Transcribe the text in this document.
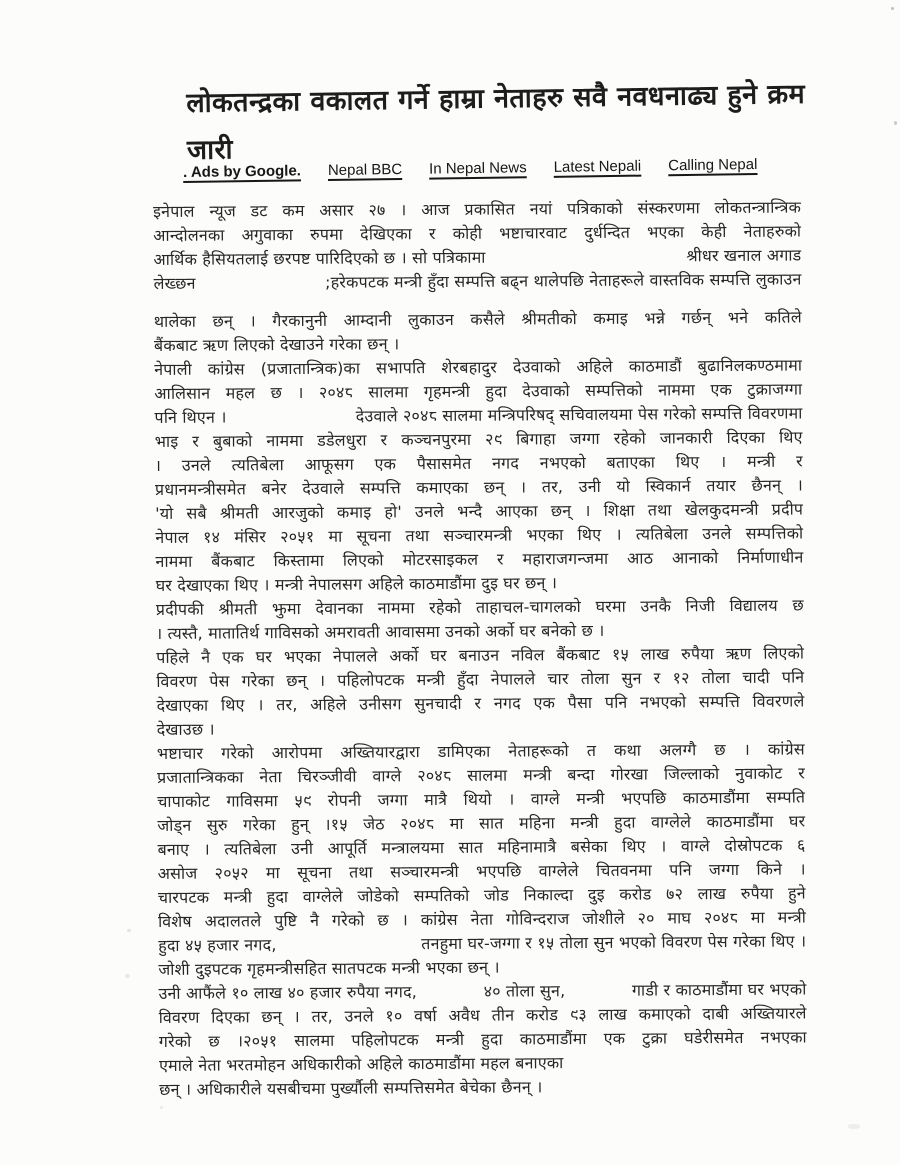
लोकतन्द्रका वकालत गर्ने हाम्रा नेताहरु सवै नवधनाढ्य हुने क्रम
जारी
. Ads by Google. Nepal BBC In Nepal News Latest Nepali Calling Nepal
इनेपाल न्यूज डट कम असार २७ । आज प्रकासित नयां पत्रिकाको संस्करणमा लोकतन्त्रान्त्रिक
आन्दोलनका अगुवाका रुपमा देखिएका र कोही भष्टाचारवाट दुर्धन्दित भएका केही नेताहरुको
आर्थिक हैसियतलाई छरपष्ट पारिदिएको छ । सो पत्रिकामा	श्रीधर खनाल अगाड
लेख्छन	;हरेकपटक मन्त्री हुँदा सम्पत्ति बढ्न थालेपछि नेताहरूले वास्तविक सम्पत्ति लुकाउन
थालेका छन् । गैरकानुनी आम्दानी लुकाउन कसैले श्रीमतीको कमाइ भन्ने गर्छन् भने कतिले
बैंकबाट ऋण लिएको देखाउने गरेका छन् ।
नेपाली कांग्रेस (प्रजातान्त्रिक)का सभापति शेरबहादुर देउवाको अहिले काठमाडौं बुढानिलकण्ठमामा
आलिसान महल छ । २०४८ सालमा गृहमन्त्री हुदा देउवाको सम्पत्तिको नाममा एक टुक्राजग्गा
पनि थिएन ।	देउवाले २०४८ सालमा मन्त्रिपरिषद् सचिवालयमा पेस गरेको सम्पत्ति विवरणमा
भाइ र बुबाको नाममा डडेलधुरा र कञ्चनपुरमा २९ बिगाहा जग्गा रहेको जानकारी दिएका थिए
। उनले त्यतिबेला आफूसग एक पैसासमेत नगद नभएको बताएका थिए । मन्त्री र
प्रधानमन्त्रीसमेत बनेर देउवाले सम्पत्ति कमाएका छन् । तर, उनी यो स्विकार्न तयार छैनन् ।
'यो सबै श्रीमती आरजुको कमाइ हो' उनले भन्दै आएका छन् । शिक्षा तथा खेलकुदमन्त्री प्रदीप
नेपाल १४ मंसिर २०५१ मा सूचना तथा सञ्चारमन्त्री भएका थिए । त्यतिबेला उनले सम्पत्तिको
नाममा बैंकबाट किस्तामा लिएको मोटरसाइकल र महाराजगन्जमा आठ आनाको निर्माणाधीन
घर देखाएका थिए । मन्त्री नेपालसग अहिले काठमाडौंमा दुइ घर छन् ।
प्रदीपकी श्रीमती झुमा देवानका नाममा रहेको ताहाचल-चागलको घरमा उनकै निजी विद्यालय छ
। त्यस्तै, मातातिर्थ गाविसको अमरावती आवासमा उनको अर्को घर बनेको छ ।
पहिले नै एक घर भएका नेपालले अर्को घर बनाउन नविल बैंकबाट १५ लाख रुपैया ऋण लिएको
विवरण पेस गरेका छन् । पहिलोपटक मन्त्री हुँदा नेपालले चार तोला सुन र १२ तोला चादी पनि
देखाएका थिए । तर, अहिले उनीसग सुनचादी र नगद एक पैसा पनि नभएको सम्पत्ति विवरणले
देखाउछ ।
भष्टाचार गरेको आरोपमा अख्तियारद्वारा डामिएका नेताहरूको त कथा अलग्गै छ । कांग्रेस
प्रजातान्त्रिकका नेता चिरञ्जीवी वाग्ले २०४८ सालमा मन्त्री बन्दा गोरखा जिल्लाको नुवाकोट र
चापाकोट गाविसमा ५९ रोपनी जग्गा मात्रै थियो । वाग्ले मन्त्री भएपछि काठमाडौंमा सम्पति
जोड्न सुरु गरेका हुन् ।१५ जेठ २०४८ मा सात महिना मन्त्री हुदा वाग्लेले काठमाडौंमा घर
बनाए । त्यतिबेला उनी आपूर्ति मन्त्रालयमा सात महिनामात्रै बसेका थिए । वाग्ले दोस्रोपटक ६
असोज २०५२ मा सूचना तथा सञ्चारमन्त्री भएपछि वाग्लेले चितवनमा पनि जग्गा किने ।
चारपटक मन्त्री हुदा वाग्लेले जोडेको सम्पतिको जोड निकाल्दा दुइ करोड ७२ लाख रुपैया हुने
विशेष अदालतले पुष्टि नै गरेको छ । कांग्रेस नेता गोविन्दराज जोशीले २० माघ २०४८ मा मन्त्री
हुदा ४५ हजार नगद,	तनहुमा घर-जग्गा र १५ तोला सुन भएको विवरण पेस गरेका थिए ।
जोशी दुइपटक गृहमन्त्रीसहित सातपटक मन्त्री भएका छन् ।
उनी आफैंले १० लाख ४० हजार रुपैया नगद,	४० तोला सुन,	गाडी र काठमाडौंमा घर भएको
विवरण दिएका छन् । तर, उनले १० वर्षा अवैध तीन करोड ९३ लाख कमाएको दाबी अख्तियारले
गरेको छ ।२०५१ सालमा पहिलोपटक मन्त्री हुदा काठमाडौंमा एक टुक्रा घडेरीसमेत नभएका
एमाले नेता भरतमोहन अधिकारीको अहिले काठमाडौंमा महल बनाएका
छन् । अधिकारीले यसबीचमा पुर्ख्यौली सम्पत्तिसमेत बेचेका छैनन् ।
